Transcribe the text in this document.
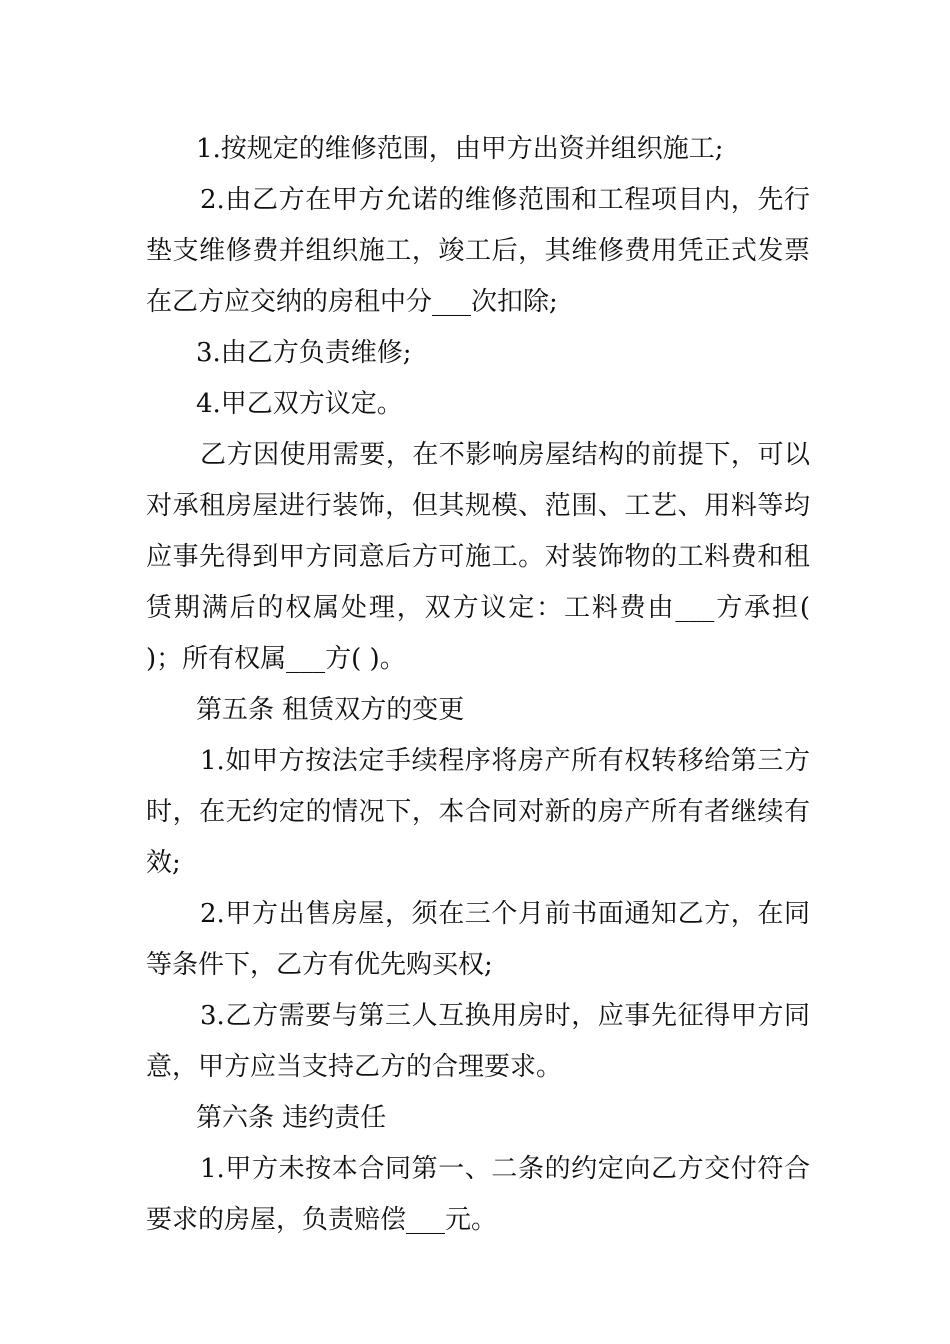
1.按规定的维修范围，由甲方出资并组织施工;

2.由乙方在甲方允诺的维修范围和工程项目内，先行垫支维修费并组织施工，竣工后，其维修费用凭正式发票在乙方应交纳的房租中分___次扣除;

3.由乙方负责维修;

4.甲乙双方议定。

乙方因使用需要，在不影响房屋结构的前提下，可以对承租房屋进行装饰，但其规模、范围、工艺、用料等均应事先得到甲方同意后方可施工。对装饰物的工料费和租赁期满后的权属处理，双方议定：工料费由___方承担( )；所有权属___方( )。

第五条 租赁双方的变更

1.如甲方按法定手续程序将房产所有权转移给第三方时，在无约定的情况下，本合同对新的房产所有者继续有效;

2.甲方出售房屋，须在三个月前书面通知乙方，在同等条件下，乙方有优先购买权;

3.乙方需要与第三人互换用房时，应事先征得甲方同意，甲方应当支持乙方的合理要求。

第六条 违约责任

1.甲方未按本合同第一、二条的约定向乙方交付符合要求的房屋，负责赔偿___元。
